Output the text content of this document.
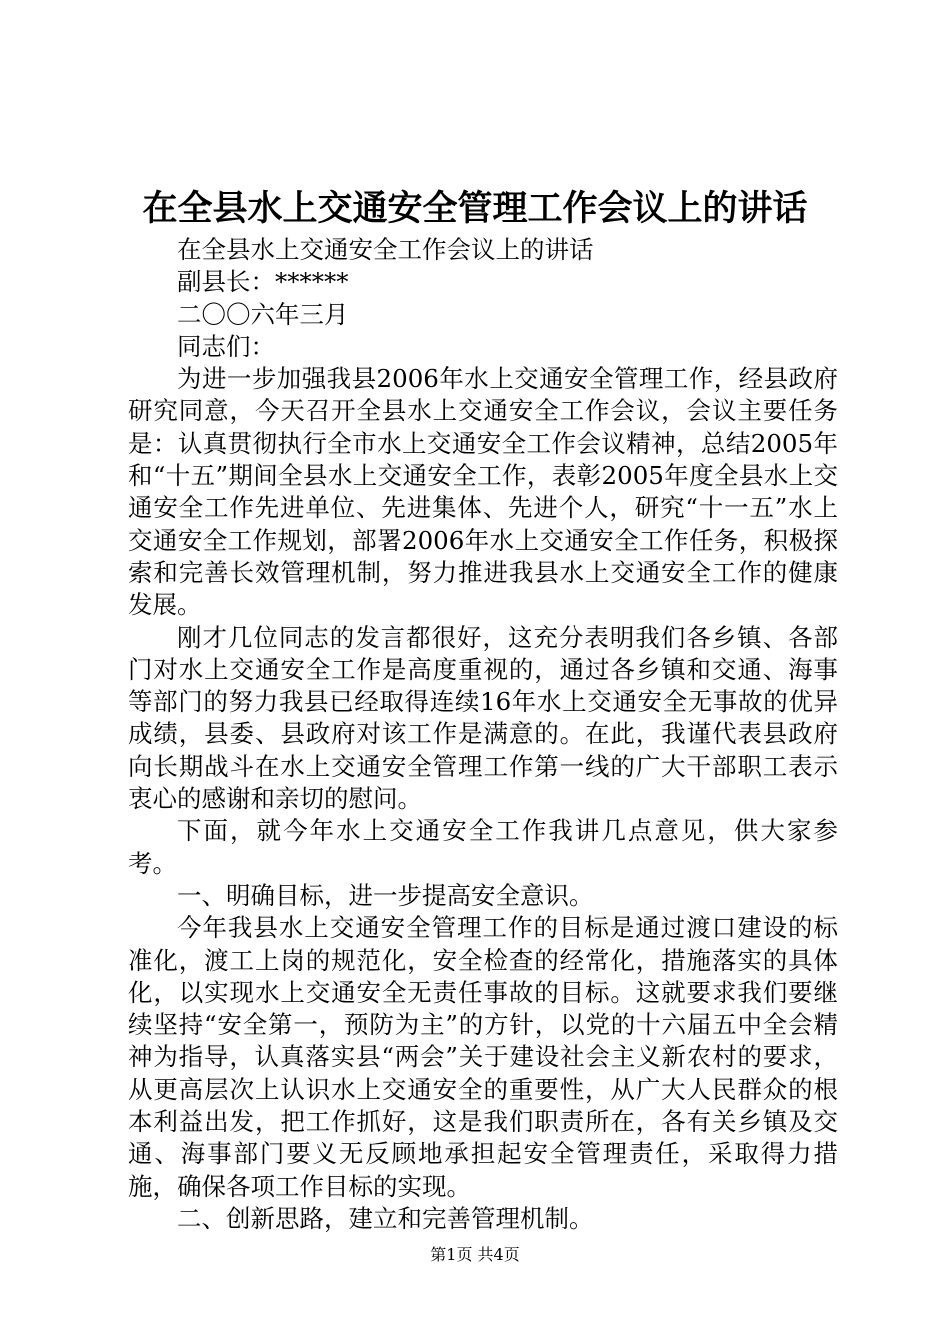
在全县水上交通安全管理工作会议上的讲话

在全县水上交通安全工作会议上的讲话

副县长：******

二〇〇六年三月

同志们：

为进一步加强我县2006年水上交通安全管理工作，经县政府研究同意，今天召开全县水上交通安全工作会议，会议主要任务是：认真贯彻执行全市水上交通安全工作会议精神，总结2005年和“十五”期间全县水上交通安全工作，表彰2005年度全县水上交通安全工作先进单位、先进集体、先进个人，研究“十一五”水上交通安全工作规划，部署2006年水上交通安全工作任务，积极探索和完善长效管理机制，努力推进我县水上交通安全工作的健康发展。

刚才几位同志的发言都很好，这充分表明我们各乡镇、各部门对水上交通安全工作是高度重视的，通过各乡镇和交通、海事等部门的努力我县已经取得连续16年水上交通安全无事故的优异成绩，县委、县政府对该工作是满意的。在此，我谨代表县政府向长期战斗在水上交通安全管理工作第一线的广大干部职工表示衷心的感谢和亲切的慰问。

下面，就今年水上交通安全工作我讲几点意见，供大家参考。

一、明确目标，进一步提高安全意识。

今年我县水上交通安全管理工作的目标是通过渡口建设的标准化，渡工上岗的规范化，安全检查的经常化，措施落实的具体化，以实现水上交通安全无责任事故的目标。这就要求我们要继续坚持“安全第一，预防为主”的方针，以党的十六届五中全会精神为指导，认真落实县“两会”关于建设社会主义新农村的要求，从更高层次上认识水上交通安全的重要性，从广大人民群众的根本利益出发，把工作抓好，这是我们职责所在，各有关乡镇及交通、海事部门要义无反顾地承担起安全管理责任，采取得力措施，确保各项工作目标的实现。

二、创新思路，建立和完善管理机制。

第1页 共4页
